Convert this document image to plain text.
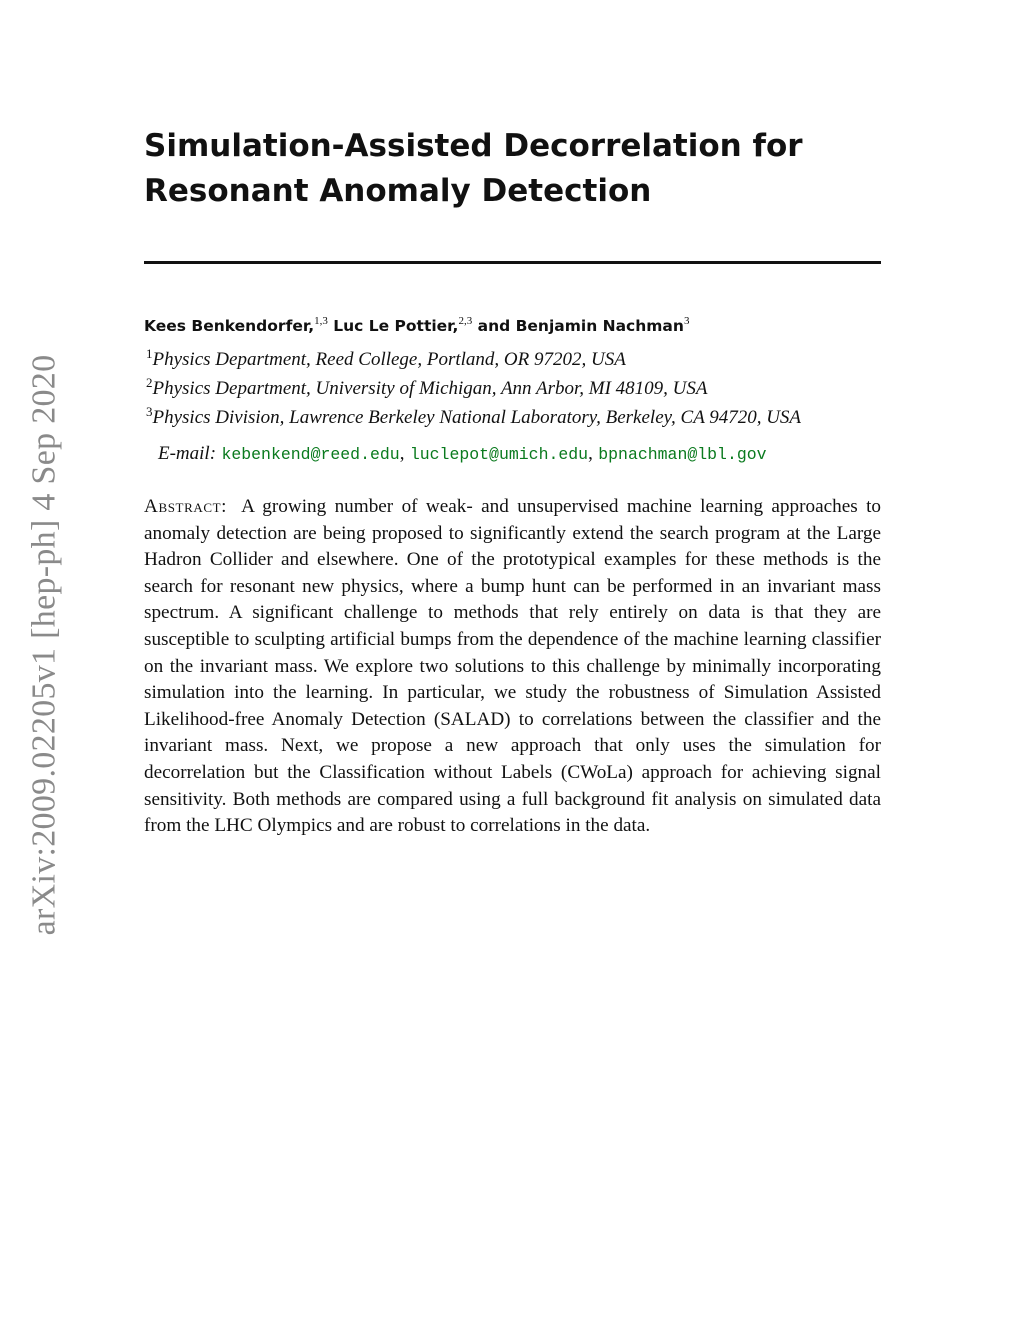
arXiv:2009.02205v1 [hep-ph] 4 Sep 2020
Simulation-Assisted Decorrelation for
Resonant Anomaly Detection
Kees Benkendorfer,$^{1,3}$ Luc Le Pottier,$^{2,3}$ and Benjamin Nachman$^3$
$^1$Physics Department, Reed College, Portland, OR 97202, USA
$^2$Physics Department, University of Michigan, Ann Arbor, MI 48109, USA
$^3$Physics Division, Lawrence Berkeley National Laboratory, Berkeley, CA 94720, USA
E-mail: kebenkend@reed.edu, luclepot@umich.edu, bpnachman@lbl.gov

Abstract: A growing number of weak- and unsupervised machine learning approaches to anomaly detection are being proposed to significantly extend the search program at the Large Hadron Collider and elsewhere. One of the prototypical examples for these methods is the search for resonant new physics, where a bump hunt can be performed in an invariant mass spectrum. A significant challenge to methods that rely entirely on data is that they are susceptible to sculpting artificial bumps from the dependence of the machine learning classifier on the invariant mass. We explore two solutions to this challenge by minimally incorporating simulation into the learning. In particular, we study the robustness of Simulation Assisted Likelihood-free Anomaly Detection (SALAD) to correlations between the classifier and the invariant mass. Next, we propose a new approach that only uses the simulation for decorrelation but the Classification without Labels (CWoLa) approach for achieving signal sensitivity. Both methods are compared using a full background fit analysis on simulated data from the LHC Olympics and are robust to correlations in the data.
